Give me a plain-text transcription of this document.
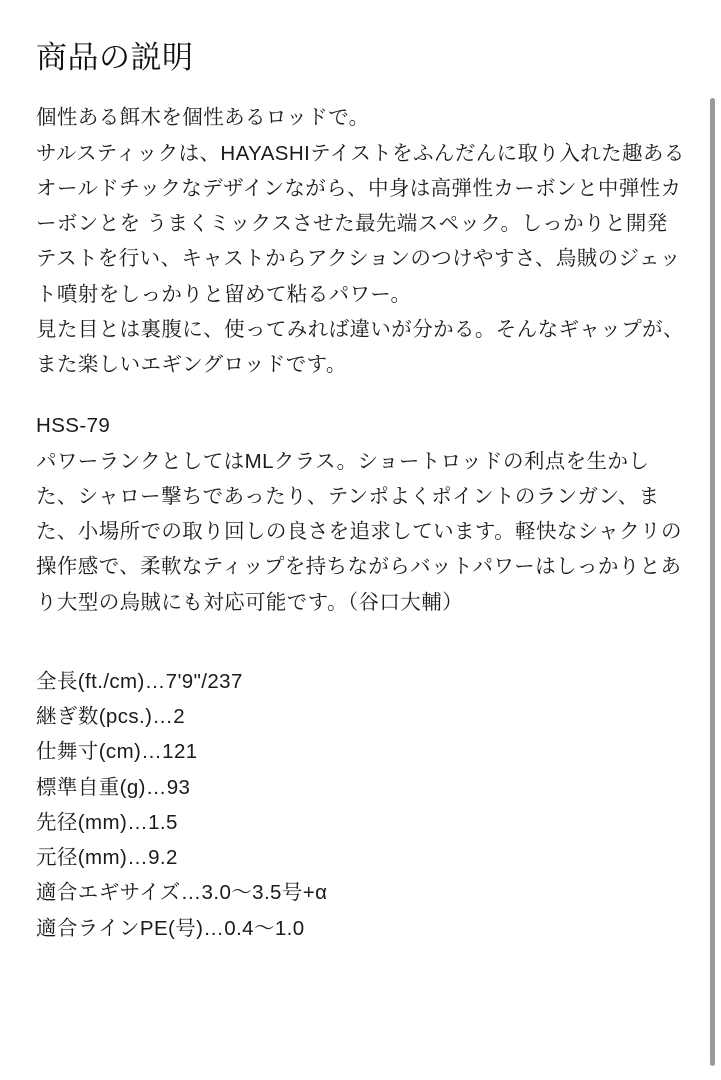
商品の説明

個性ある餌木を個性あるロッドで。

サルスティックは、HAYASHIテイストをふんだんに取り入れた趣あるオールドチックなデザインながら、中身は高弾性カーボンと中弾性カーボンとを うまくミックスさせた最先端スペック。しっかりと開発テストを行い、キャストからアクションのつけやすさ、烏賊のジェット噴射をしっかりと留めて粘るパワー。

見た目とは裏腹に、使ってみれば違いが分かる。そんなギャップが、また楽しいエギングロッドです。

HSS-79

パワーランクとしてはMLクラス。ショートロッドの利点を生かした、シャロー撃ちであったり、テンポよくポイントのランガン、また、小場所での取り回しの良さを追求しています。軽快なシャクリの操作感で、柔軟なティップを持ちながらバットパワーはしっかりとあり大型の烏賊にも対応可能です。（谷口大輔）

全長(ft./cm)…7'9"/237
継ぎ数(pcs.)…2
仕舞寸(cm)…121
標準自重(g)…93
先径(mm)…1.5
元径(mm)…9.2
適合エギサイズ…3.0〜3.5号+α
適合ラインPE(号)…0.4〜1.0
